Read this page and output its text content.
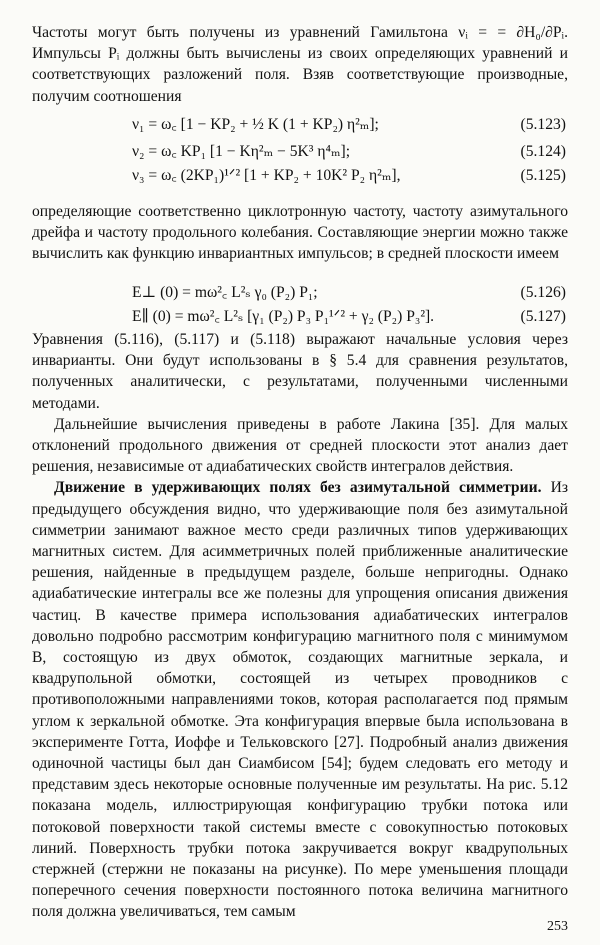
Частоты могут быть получены из уравнений Гамильтона νᵢ = = ∂H₀/∂Pᵢ. Импульсы Pᵢ должны быть вычислены из своих определяющих уравнений и соответствующих разложений поля. Взяв соответствующие производные, получим соотношения

ν₁ = ω꜀ [1 − KP₂ + ½ K (1 + KP₂) η²ₘ];	(5.123)
ν₂ = ω꜀ KP₁ [1 − Kη²ₘ − 5K³ η⁴ₘ];	(5.124)
ν₃ = ω꜀ (2KP₁)¹ᐟ² [1 + KP₂ + 10K² P₂ η²ₘ],	(5.125)

определяющие соответственно циклотронную частоту, частоту азимутального дрейфа и частоту продольного колебания. Составляющие энергии можно также вычислить как функцию инвариантных импульсов; в средней плоскости имеем

E⊥ (0) = mω²꜀ L²ₛ γ₀ (P₂) P₁;	(5.126)
E∥ (0) = mω²꜀ L²ₛ [γ₁ (P₂) P₃ P₁¹ᐟ² + γ₂ (P₂) P₃²].	(5.127)

Уравнения (5.116), (5.117) и (5.118) выражают начальные условия через инварианты. Они будут использованы в § 5.4 для сравнения результатов, полученных аналитически, с результатами, полученными численными методами.

Дальнейшие вычисления приведены в работе Лакина [35]. Для малых отклонений продольного движения от средней плоскости этот анализ дает решения, независимые от адиабатических свойств интегралов действия.

Движение в удерживающих полях без азимутальной симметрии. Из предыдущего обсуждения видно, что удерживающие поля без азимутальной симметрии занимают важное место среди различных типов удерживающих магнитных систем. Для асимметричных полей приближенные аналитические решения, найденные в предыдущем разделе, больше непригодны. Однако адиабатические интегралы все же полезны для упрощения описания движения частиц. В качестве примера использования адиабатических интегралов довольно подробно рассмотрим конфигурацию магнитного поля с минимумом B, состоящую из двух обмоток, создающих магнитные зеркала, и квадрупольной обмотки, состоящей из четырех проводников с противоположными направлениями токов, которая располагается под прямым углом к зеркальной обмотке. Эта конфигурация впервые была использована в эксперименте Готта, Иоффе и Тельковского [27]. Подробный анализ движения одиночной частицы был дан Сиамбисом [54]; будем следовать его методу и представим здесь некоторые основные полученные им результаты. На рис. 5.12 показана модель, иллюстрирующая конфигурацию трубки потока или потоковой поверхности такой системы вместе с совокупностью потоковых линий. Поверхность трубки потока закручивается вокруг квадрупольных стержней (стержни не показаны на рисунке). По мере уменьшения площади поперечного сечения поверхности постоянного потока величина магнитного поля должна увеличиваться, тем самым

253
